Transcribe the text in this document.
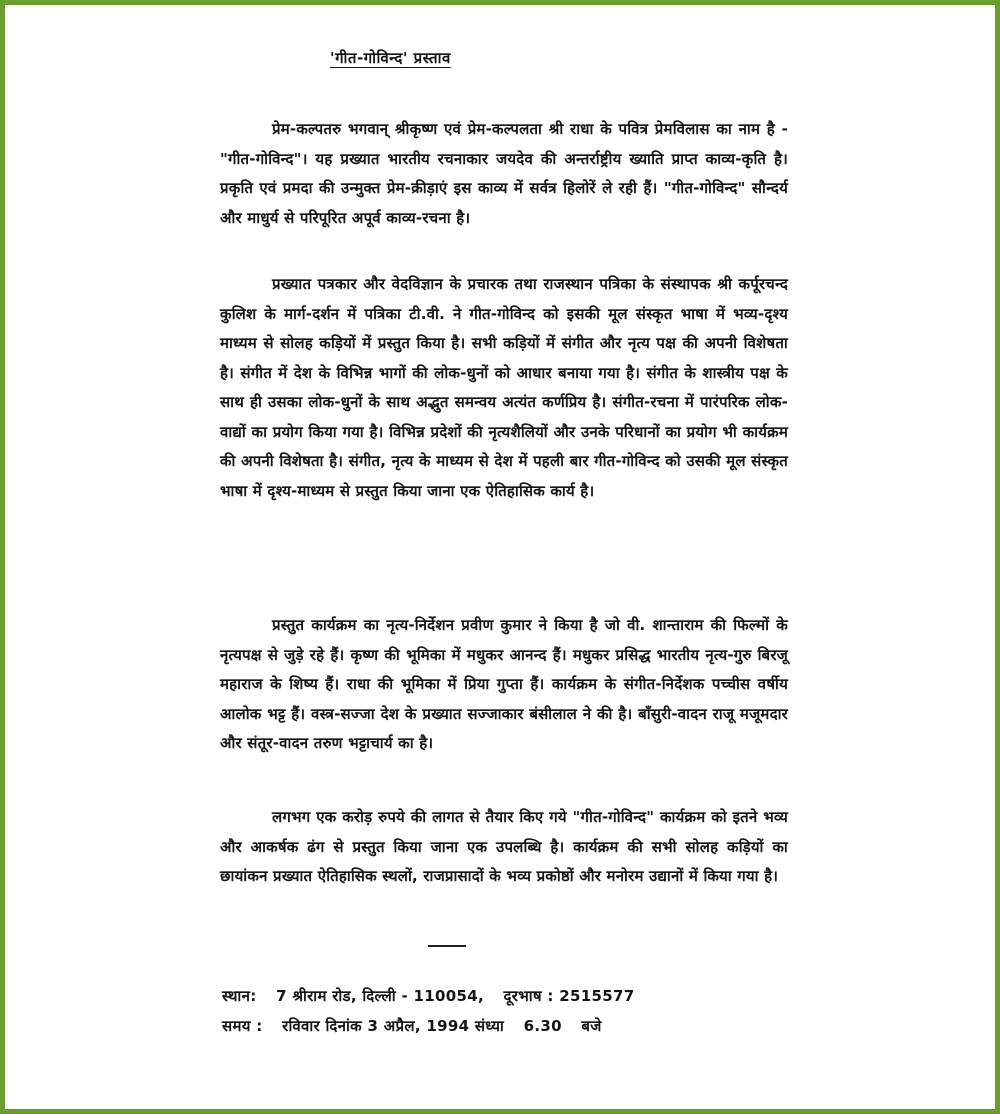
'गीत-गोविन्द' प्रस्ताव
प्रेम-कल्पतरु भगवान् श्रीकृष्ण एवं प्रेम-कल्पलता श्री राधा के पवित्र प्रेमविलास का नाम है - "गीत-गोविन्द"। यह प्रख्यात भारतीय रचनाकार जयदेव की अन्तर्राष्ट्रीय ख्याति प्राप्त काव्य-कृति है। प्रकृति एवं प्रमदा की उन्मुक्त प्रेम-क्रीड़ाएं इस काव्य में सर्वत्र हिलोरें ले रही हैं। "गीत-गोविन्द" सौन्दर्य और माधुर्य से परिपूरित अपूर्व काव्य-रचना है।
प्रख्यात पत्रकार और वेदविज्ञान के प्रचारक तथा राजस्थान पत्रिका के संस्थापक श्री कर्पूरचन्द कुलिश के मार्ग-दर्शन में पत्रिका टी.वी. ने गीत-गोविन्द को इसकी मूल संस्कृत भाषा में भव्य-दृश्य माध्यम से सोलह कड़ियों में प्रस्तुत किया है। सभी कड़ियों में संगीत और नृत्य पक्ष की अपनी विशेषता है। संगीत में देश के विभिन्न भागों की लोक-धुनों को आधार बनाया गया है। संगीत के शास्त्रीय पक्ष के साथ ही उसका लोक-धुनों के साथ अद्भुत समन्वय अत्यंत कर्णप्रिय है। संगीत-रचना में पारंपरिक लोक-वाद्यों का प्रयोग किया गया है। विभिन्न प्रदेशों की नृत्यशैलियों और उनके परिधानों का प्रयोग भी कार्यक्रम की अपनी विशेषता है। संगीत, नृत्य के माध्यम से देश में पहली बार गीत-गोविन्द को उसकी मूल संस्कृत भाषा में दृश्य-माध्यम से प्रस्तुत किया जाना एक ऐतिहासिक कार्य है।
प्रस्तुत कार्यक्रम का नृत्य-निर्देशन प्रवीण कुमार ने किया है जो वी. शान्ताराम की फिल्मों के नृत्यपक्ष से जुड़े रहे हैं। कृष्ण की भूमिका में मधुकर आनन्द हैं। मधुकर प्रसिद्ध भारतीय नृत्य-गुरु बिरजू महाराज के शिष्य हैं। राधा की भूमिका में प्रिया गुप्ता हैं। कार्यक्रम के संगीत-निर्देशक पच्चीस वर्षीय आलोक भट्ट हैं। वस्त्र-सज्जा देश के प्रख्यात सज्जाकार बंसीलाल ने की है। बाँसुरी-वादन राजू मजूमदार और संतूर-वादन तरुण भट्टाचार्य का है।
लगभग एक करोड़ रुपये की लागत से तैयार किए गये "गीत-गोविन्द" कार्यक्रम को इतने भव्य और आकर्षक ढंग से प्रस्तुत किया जाना एक उपलब्धि है। कार्यक्रम की सभी सोलह कड़ियों का छायांकन प्रख्यात ऐतिहासिक स्थलों, राजप्रासादों के भव्य प्रकोष्ठों और मनोरम उद्यानों में किया गया है।
स्थान: 7 श्रीराम रोड, दिल्ली - 110054, दूरभाष : 2515577
समय : रविवार दिनांक 3 अप्रैल, 1994 संध्या 6.30 बजे
